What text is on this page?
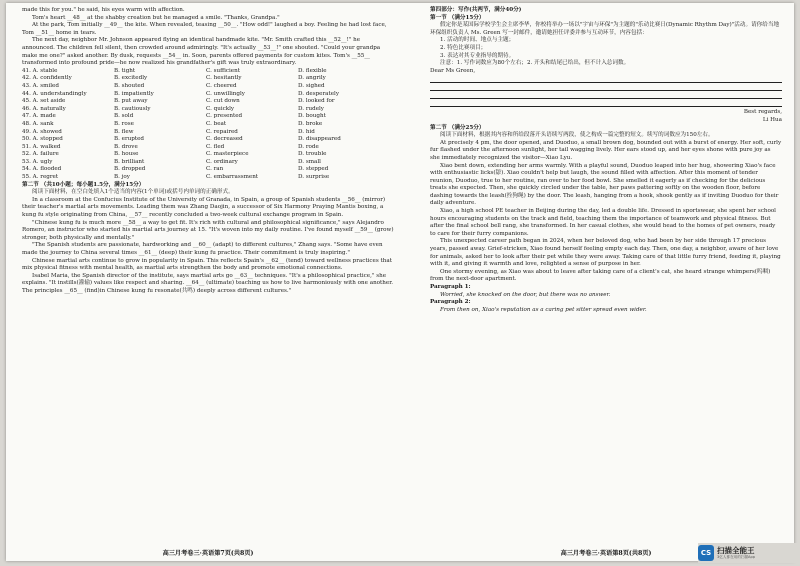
made this for you." he said, his eyes warm with affection.

Tom's heart __48__ at the shabby creation but he managed a smile. "Thanks, Grandpa."

At the park, Tom initially __49__ the kite. When revealed, teasing __50__. "How odd!" laughed a boy. Feeling he had lost face, Tom __51__ home in tears.

The next day, neighbor Mr. Johnson appeared flying an identical handmade kite. "Mr. Smith crafted this __52__!" he announced. The children fell silent, then crowded around admiringly. "It's actually __53__!" one shouted. "Could your grandpa make me one?" asked another. By dusk, requests __54__ in. Soon, parents offered payments for custom kites. Tom's __55__ transformed into profound pride—he now realized his grandfather's gift was truly extraordinary.

41. A. stable	B. tight	C. sufficient	D. flexible
42. A. confidently	B. excitedly	C. hesitantly	D. angrily
43. A. smiled	B. shouted	C. cheered	D. sighed
44. A. understandingly	B. impatiently	C. unwillingly	D. desperately
45. A. set aside	B. put away	C. cut down	D. looked for
46. A. naturally	B. cautiously	C. quickly	D. rudely
47. A. made	B. sold	C. presented	D. bought
48. A. sank	B. rose	C. beat	D. broke
49. A. showed	B. flew	C. repaired	D. hid
50. A. stopped	B. erupted	C. decreased	D. disappeared
51. A. walked	B. drove	C. fled	D. rode
52. A. failure	B. house	C. masterpiece	D. trouble
53. A. ugly	B. brilliant	C. ordinary	D. small
54. A. flooded	B. dropped	C. ran	D. stepped
55. A. regret	B. joy	C. embarrassment	D. surprise

第二节 （共10小题；每小题1.5分，满分15分）

阅读下面材料，在空白处填入1个适当的内容(1个单词)或括号内单词的正确形式。

In a classroom at the Confucius Institute of the University of Granada, in Spain, a group of Spanish students __56__ (mirror) their teacher's martial arts movements. Leading them was Zhang Daojin, a successor of Six Harmony Praying Mantis boxing, a kung fu style originating from China, __57__ recently concluded a two-week cultural exchange program in Spain.

"Chinese kung fu is much more __58__ a way to get fit. It's rich with cultural and philosophical significance," says Alejandro Romero, an instructor who started his martial arts journey at 15. "It's woven into my daily routine. I've found myself __59__ (grow) stronger, both physically and mentally."

"The Spanish students are passionate, hardworking and __60__ (adapt) to different cultures," Zhang says. "Some have even made the journey to China several times __61__ (deep) their kung fu practice. Their commitment is truly inspiring."

Chinese martial arts continue to grow in popularity in Spain. This reflects Spain's __62__ (tend) toward wellness practices that mix physical fitness with mental health, as martial arts strengthen the body and promote emotional connections.

Isabel Maria, the Spanish director of the institute, says martial arts go __63__ techniques. "It's a philosophical practice," she explains. "It instills(灌输) values like respect and sharing. __64__ (ultimate) teaching us how to live harmoniously with one another. The principles __65__ (find)in Chinese kung fu resonate(共鸣) deeply across different cultures."

高三月考卷三·英语第7页(共8页)

第四部分：写作(共两节，满分40分)

第一节 （满分15分）

假定你是某国际学校学生会主席李华，你校将举办一场以"宇宙与环保"为主题的"乐动比赛日(Dynamic Rhythm Day)"活动。请你给当地环保组织负责人 Ms. Green 写一封邮件，邀请她担任评委并参与互动环节，内容包括：

1. 活动的时间、地点与主题；

2. 特色比赛项目；

3. 表达对其专业指导的期待。

注意：1. 写作词数应为80个左右；2. 开头和结尾已给出，但不计入总词数。

Dear Ms Green,

Best regards,

Li Hua

第二节 （满分25分）

阅读下面材料，根据其内容和所给段落开头语续写两段，使之构成一篇完整的短文。续写的词数应为150左右。

At precisely 4 pm, the door opened, and Duoduo, a small brown dog, bounded out with a burst of energy. Her soft, curly fur flashed under the afternoon sunlight, her tail wagging lively. Her ears stood up, and her eyes shone with pure joy as she immediately recognized the visitor—Xiao Lyu.

Xiao bent down, extending her arms warmly. With a playful sound, Duoduo leaped into her hug, showering Xiao's face with enthusiastic licks(舔). Xiao couldn't help but laugh, the sound filled with affection. After this moment of tender reunion, Duoduo, true to her routine, ran over to her food bowl. She smelled it eagerly as if checking for the delicious treats she expected. Then, she quickly circled under the table, her paws pattering softly on the wooden floor, before dashing towards the leash(拴狗绳) by the door. The leash, hanging from a hook, shook gently as if inviting Duoduo for their daily adventure.

Xiao, a high school PE teacher in Beijing during the day, led a double life. Dressed in sportswear, she spent her school hours encouraging students on the track and field, teaching them the importance of teamwork and physical fitness. But after the final school bell rang, she transformed. In her casual clothes, she would head to the homes of pet owners, ready to care for their furry companions.

This unexpected career path began in 2024, when her beloved dog, who had been by her side through 17 precious years, passed away. Grief-stricken, Xiao found herself feeling empty each day. Then, one day, a neighbor, aware of her love for animals, asked her to look after their pet while they were away. Taking care of that little furry friend, feeding it, playing with it, and giving it warmth and love, relighted a sense of purpose in her.

One stormy evening, as Xiao was about to leave after taking care of a client's cat, she heard strange whimpers(呜咽) from the next-door apartment.

Paragraph 1:

Worried, she knocked on the door, but there was no answer.

Paragraph 2:

From then on, Xiao's reputation as a caring pet sitter spread even wider.

高三月考卷三·英语第8页(共8页)	CS 扫描全能王
3亿人都在用的扫描App
